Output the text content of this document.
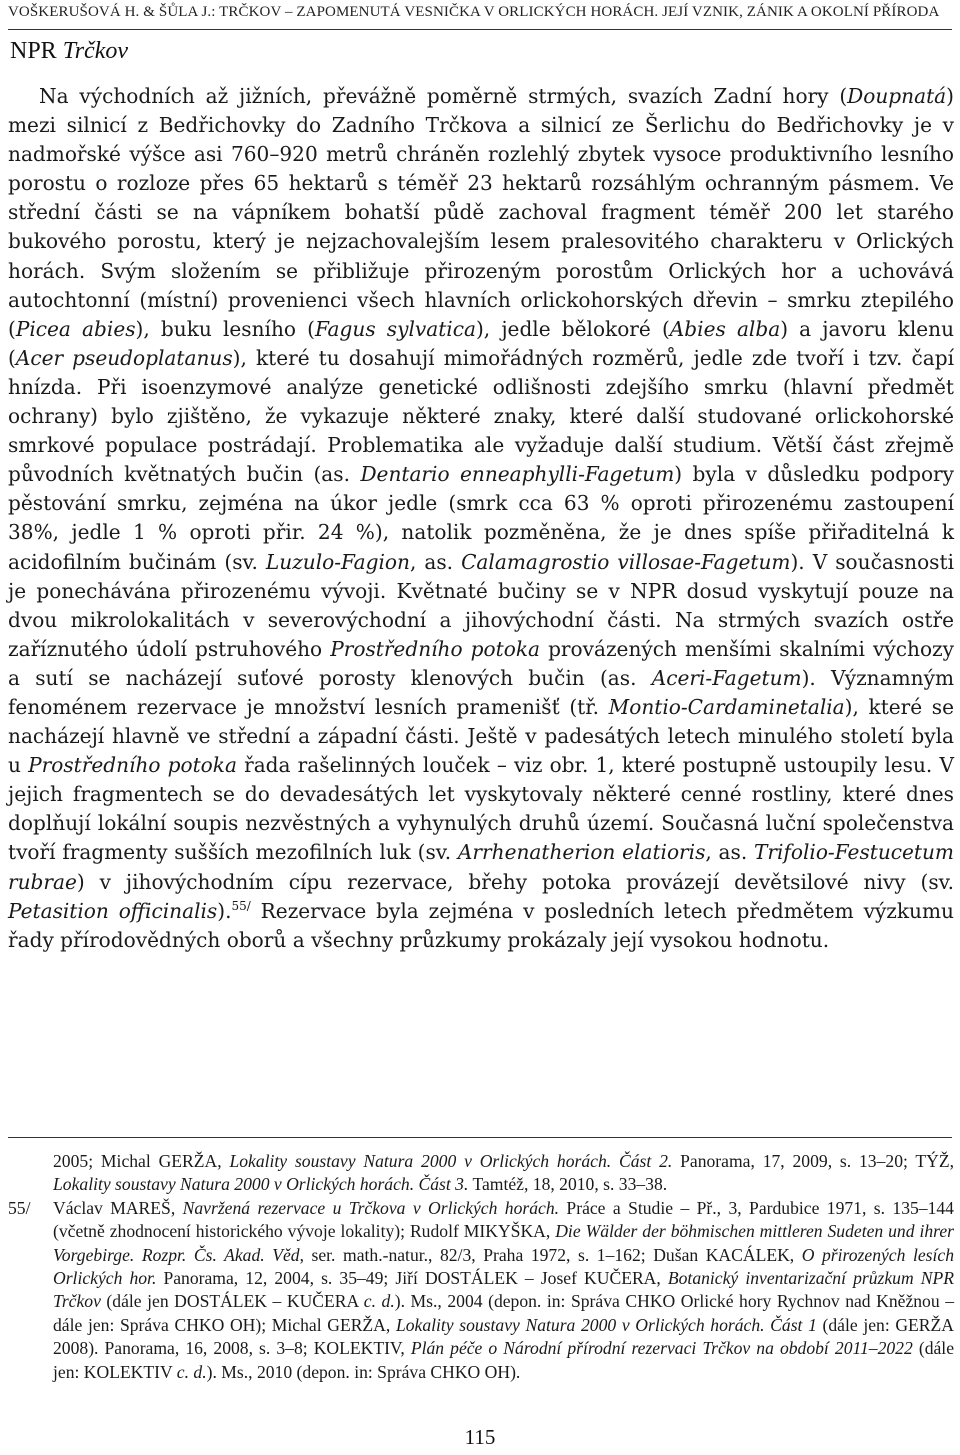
VOŠKERUŠOVÁ H. & ŠŮLA J.: TRČKOV – ZAPOMENUTÁ VESNIČKA V ORLICKÝCH HORÁCH. JEJÍ VZNIK, ZÁNIK A OKOLNÍ PŘÍRODA
NPR Trčkov

Na východních až jižních, převážně poměrně strmých, svazích Zadní hory (Doupnatá) mezi silnicí z Bedřichovky do Zadního Trčkova a silnicí ze Šerlichu do Bedřichovky je v nadmořské výšce asi 760–920 metrů chráněn rozlehlý zbytek vysoce produktivního lesního porostu o rozloze přes 65 hektarů s téměř 23 hektarů rozsáhlým ochranným pásmem. Ve střední části se na vápníkem bohatší půdě zachoval fragment téměř 200 let starého bukového porostu, který je nejzachovalejším lesem pralesovitého charakteru v Orlických horách. Svým složením se přibližuje přirozeným porostům Orlických hor a uchovává autochtonní (místní) provenienci všech hlavních orlickohorských dřevin – smrku ztepilého (Picea abies), buku lesního (Fagus sylvatica), jedle bělokoré (Abies alba) a javoru klenu (Acer pseudoplatanus), které tu dosahují mimořádných rozměrů, jedle zde tvoří i tzv. čapí hnízda. Při isoenzymové analýze genetické odlišnosti zdejšího smrku (hlavní předmět ochrany) bylo zjištěno, že vykazuje některé znaky, které další studované orlickohorské smrkové populace postrádají. Problematika ale vyžaduje další studium. Větší část zřejmě původních květnatých bučin (as. Dentario enneaphylli-Fagetum) byla v důsledku podpory pěstování smrku, zejména na úkor jedle (smrk cca 63 % oproti přirozenému zastoupení 38%, jedle 1 % oproti přir. 24 %), natolik pozměněna, že je dnes spíše přiřaditelná k acidofilním bučinám (sv. Luzulo-Fagion, as. Calamagrostio villosae-Fagetum). V současnosti je ponechávána přirozenému vývoji. Květnaté bučiny se v NPR dosud vyskytují pouze na dvou mikrolokalitách v severovýchodní a jihovýchodní části. Na strmých svazích ostře zaříznutého údolí pstruhového Prostředního potoka provázených menšími skalními výchozy a sutí se nacházejí suťové porosty klenových bučin (as. Aceri-Fagetum). Významným fenoménem rezervace je množství lesních pramenišť (tř. Montio-Cardaminetalia), které se nacházejí hlavně ve střední a západní části. Ještě v padesátých letech minulého století byla u Prostředního potoka řada rašelinných louček – viz obr. 1, které postupně ustoupily lesu. V jejich fragmentech se do devadesátých let vyskytovaly některé cenné rostliny, které dnes doplňují lokální soupis nezvěstných a vyhynulých druhů území. Současná luční společenstva tvoří fragmenty sušších mezofilních luk (sv. Arrhenatherion elatioris, as. Trifolio-Festucetum rubrae) v jihovýchodním cípu rezervace, břehy potoka provázejí devětsilové nivy (sv. Petasition officinalis).$^{55/}$ Rezervace byla zejména v posledních letech předmětem výzkumu řady přírodovědných oborů a všechny průzkumy prokázaly její vysokou hodnotu.

2005; Michal GERŽA, Lokality soustavy Natura 2000 v Orlických horách. Část 2. Panorama, 17, 2009, s. 13–20; TÝŽ, Lokality soustavy Natura 2000 v Orlických horách. Část 3. Tamtéž, 18, 2010, s. 33–38.
55/	Václav MAREŠ, Navržená rezervace u Trčkova v Orlických horách. Práce a Studie – Př., 3, Pardubice 1971, s. 135–144 (včetně zhodnocení historického vývoje lokality); Rudolf MIKYŠKA, Die Wälder der böhmischen mittleren Sudeten und ihrer Vorgebirge. Rozpr. Čs. Akad. Věd, ser. math.-natur., 82/3, Praha 1972, s. 1–162; Dušan KACÁLEK, O přirozených lesích Orlických hor. Panorama, 12, 2004, s. 35–49; Jiří DOSTÁLEK – Josef KUČERA, Botanický inventarizační průzkum NPR Trčkov (dále jen DOSTÁLEK – KUČERA c. d.). Ms., 2004 (depon. in: Správa CHKO Orlické hory Rychnov nad Kněžnou – dále jen: Správa CHKO OH); Michal GERŽA, Lokality soustavy Natura 2000 v Orlických horách. Část 1 (dále jen: GERŽA 2008). Panorama, 16, 2008, s. 3–8; KOLEKTIV, Plán péče o Národní přírodní rezervaci Trčkov na období 2011–2022 (dále jen: KOLEKTIV c. d.). Ms., 2010 (depon. in: Správa CHKO OH).
115
